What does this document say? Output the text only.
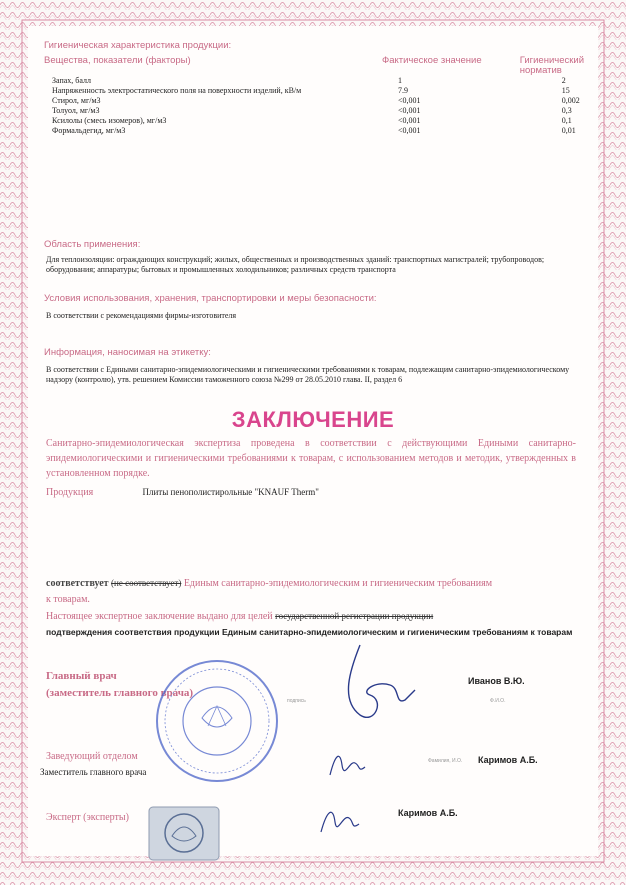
Гигиеническая характеристика продукции:
Вещества, показатели (факторы)	Фактическое значение	Гигиенический норматив
Запах, балл	1	2

Напряженность электростатического поля на поверхности изделий, кВ/м	7.9	15
Стирол, мг/м3	<0,001	0,002
Толуол, мг/м3	<0,001	0,3
Ксилолы (смесь изомеров), мг/м3	<0,001	0,1
Формальдегид, мг/м3	<0,001	0,01
Область применения:
Для теплоизоляции: ограждающих конструкций; жилых, общественных и производственных зданий: транспортных магистралей; трубопроводов; оборудования; аппаратуры; бытовых и промышленных холодильников; различных средств транспорта
Условия использования, хранения, транспортировки и меры безопасности:
В соответствии с рекомендациями фирмы-изготовителя
Информация, наносимая на этикетку:
В соответствии с Едиными санитарно-эпидемиологическими и гигиеническими требованиями к товарам, подлежащим санитарно-эпидемиологическому надзору (контролю), утв. решением Комиссии таможенного союза №299 от 28.05.2010 глава. II, раздел 6
ЗАКЛЮЧЕНИЕ
Санитарно-эпидемиологическая экспертиза проведена в соответствии с действующими Едиными санитарно-эпидемиологическими и гигиеническими требованиями к товарам, с использованием методов и методик, утвержденных в установленном порядке.
Продукция	Плиты пенополистирольные "KNAUF Therm"
соответствует (не соответствует) Единым санитарно-эпидемиологическим и гигиеническим требованиям
к товарам.
Настоящее экспертное заключение выдано для целей государственной регистрации продукции
подтверждения соответствия продукции Единым санитарно-эпидемиологическим и гигиеническим требованиям к товарам
Главный врач
(заместитель главного врача)
подпись
Иванов В.Ю.
Ф.И.О.
Заведующий отделом
Заместитель главного врача
Фамилия, И.О. Каримов А.Б.
Эксперт (эксперты)	Каримов А.Б.
